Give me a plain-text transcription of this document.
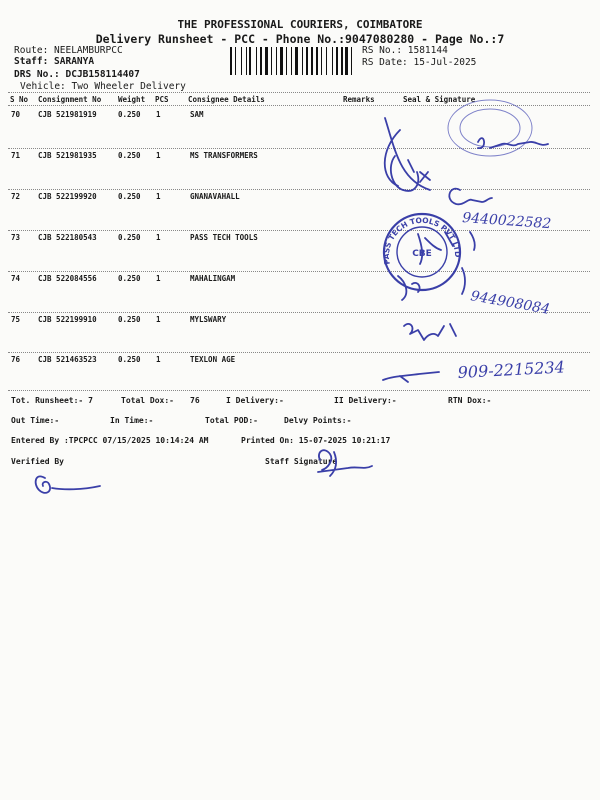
THE PROFESSIONAL COURIERS, COIMBATORE
Delivery Runsheet - PCC - Phone No.:9047080280 - Page No.:7
Route: NEELAMBURPCC
Staff: SARANYA
DRS No.: DCJB158114407
Vehicle: Two Wheeler Delivery
RS No.: 1581144
RS Date: 15-Jul-2025
S No Consignment No Weight PCS	Consignee Details	Remarks	Seal & Signature
70 CJB 521981919	0.250 1	SAM
71 CJB 521981935	0.250 1	MS TRANSFORMERS
72 CJB 522199920	0.250 1	GNANAVAHALL
73 CJB 522180543	0.250 1	PASS TECH TOOLS
74 CJB 522084556	0.250 1	MAHALINGAM
75 CJB 522199910	0.250 1	MYLSWARY
76 CJB 521463523	0.250 1	TEXLON AGE
Tot. Runsheet:- 7	Total Dox:- 76	I Delivery:-	II Delivery:-	RTN Dox:-
Out Time:-	In Time:-	Total POD:-	Delvy Points:-
Entered By :TPCPCC 07/15/2025 10:14:24 AM	Printed On: 15-07-2025 10:21:17
Verified By	Staff Signature
9440022582
944908084
909-2215234
PASS TECH TOOLS PVT LTD
CBE
